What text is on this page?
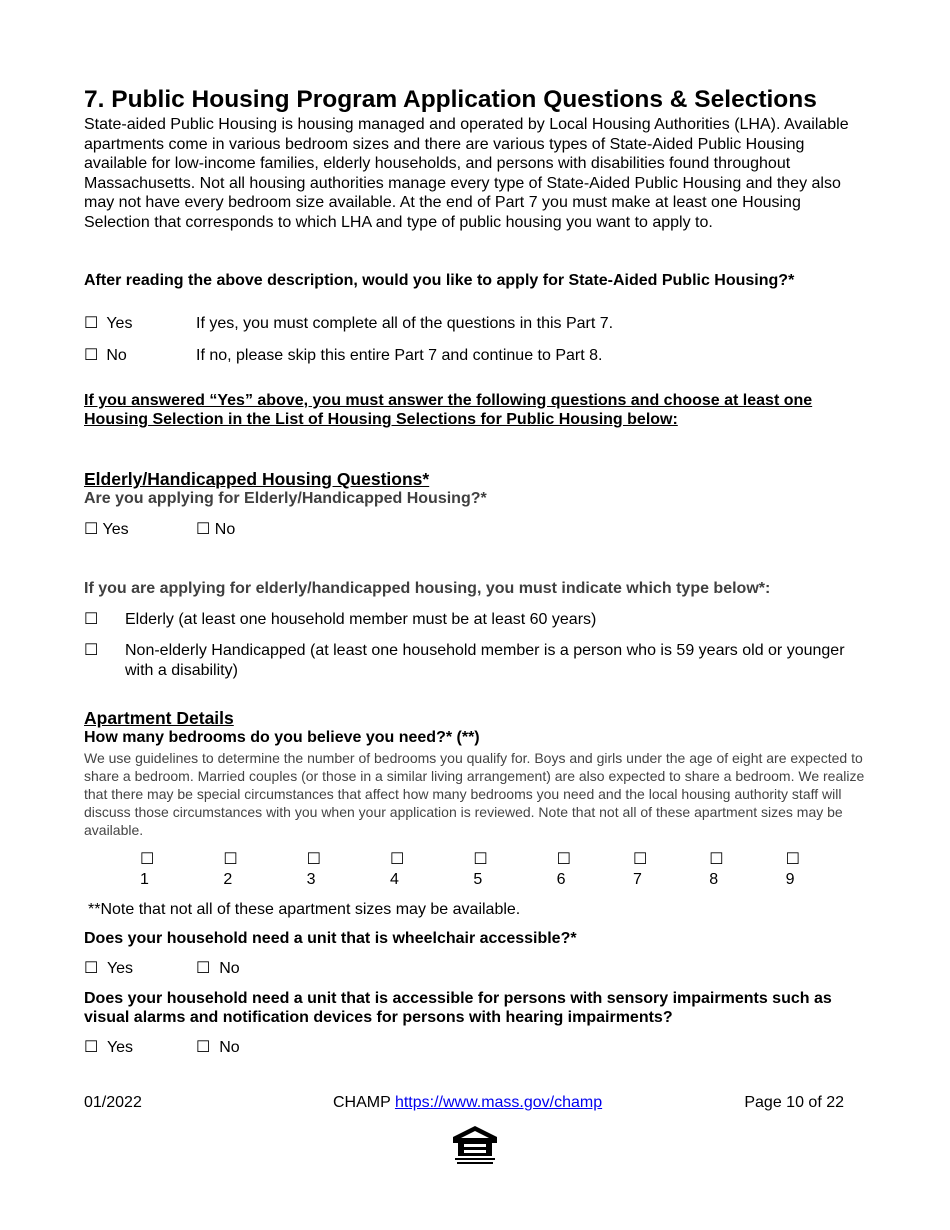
7. Public Housing Program Application Questions & Selections
State-aided Public Housing is housing managed and operated by Local Housing Authorities (LHA). Available apartments come in various bedroom sizes and there are various types of State-Aided Public Housing available for low-income families, elderly households, and persons with disabilities found throughout Massachusetts. Not all housing authorities manage every type of State-Aided Public Housing and they also may not have every bedroom size available. At the end of Part 7 you must make at least one Housing Selection that corresponds to which LHA and type of public housing you want to apply to.
After reading the above description, would you like to apply for State-Aided Public Housing?*
☐ Yes	If yes, you must complete all of the questions in this Part 7.
☐ No	If no, please skip this entire Part 7 and continue to Part 8.
If you answered “Yes” above, you must answer the following questions and choose at least one Housing Selection in the List of Housing Selections for Public Housing below:
Elderly/Handicapped Housing Questions*
Are you applying for Elderly/Handicapped Housing?*
☐ Yes	☐ No
If you are applying for elderly/handicapped housing, you must indicate which type below*:
☐	Elderly (at least one household member must be at least 60 years)
☐	Non-elderly Handicapped (at least one household member is a person who is 59 years old or younger with a disability)
Apartment Details
How many bedrooms do you believe you need?* (**)
We use guidelines to determine the number of bedrooms you qualify for. Boys and girls under the age of eight are expected to share a bedroom. Married couples (or those in a similar living arrangement) are also expected to share a bedroom. We realize that there may be special circumstances that affect how many bedrooms you need and the local housing authority staff will discuss those circumstances with you when your application is reviewed. Note that not all of these apartment sizes may be available.
☐ 1
☐ 2
☐ 3
☐ 4
☐ 5
☐ 6
☐ 7
☐ 8
☐ 9
**Note that not all of these apartment sizes may be available.
Does your household need a unit that is wheelchair accessible?*
☐ Yes	☐ No
Does your household need a unit that is accessible for persons with sensory impairments such as visual alarms and notification devices for persons with hearing impairments?
☐ Yes	☐ No
01/2022	CHAMP https://www.mass.gov/champ	Page 10 of 22
